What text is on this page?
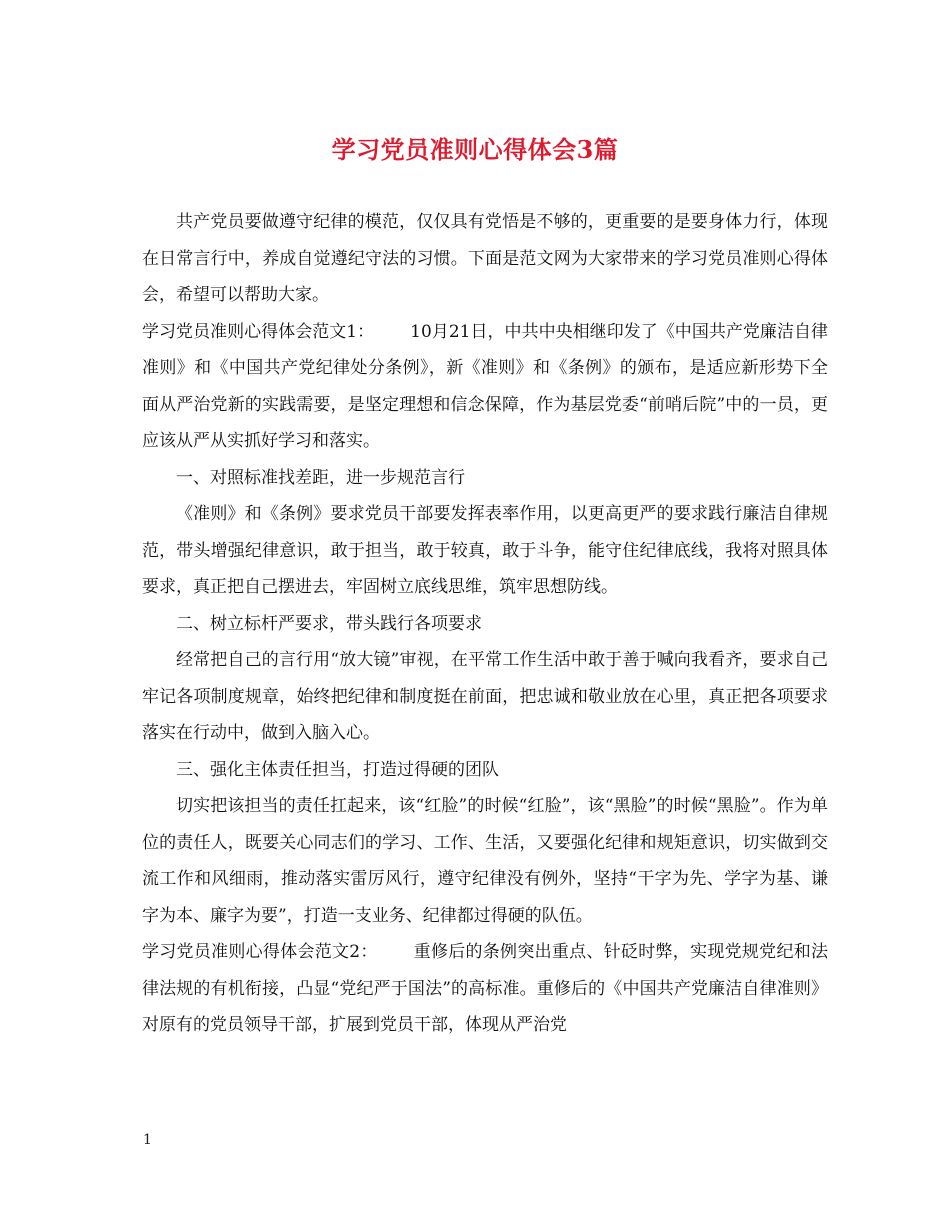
学习党员准则心得体会3篇

共产党员要做遵守纪律的模范，仅仅具有党悟是不够的，更重要的是要身体力行，体现在日常言行中，养成自觉遵纪守法的习惯。下面是范文网为大家带来的学习党员准则心得体会，希望可以帮助大家。

学习党员准则心得体会范文1： 10月21日，中共中央相继印发了《中国共产党廉洁自律准则》和《中国共产党纪律处分条例》，新《准则》和《条例》的颁布，是适应新形势下全面从严治党新的实践需要，是坚定理想和信念保障，作为基层党委“前哨后院”中的一员，更应该从严从实抓好学习和落实。

一、对照标准找差距，进一步规范言行

《准则》和《条例》要求党员干部要发挥表率作用，以更高更严的要求践行廉洁自律规范，带头增强纪律意识，敢于担当，敢于较真，敢于斗争，能守住纪律底线，我将对照具体要求，真正把自己摆进去，牢固树立底线思维，筑牢思想防线。

二、树立标杆严要求，带头践行各项要求

经常把自己的言行用“放大镜”审视，在平常工作生活中敢于善于喊向我看齐，要求自己牢记各项制度规章，始终把纪律和制度挺在前面，把忠诚和敬业放在心里，真正把各项要求落实在行动中，做到入脑入心。

三、强化主体责任担当，打造过得硬的团队

切实把该担当的责任扛起来，该“红脸”的时候“红脸”，该“黑脸”的时候“黑脸”。作为单位的责任人，既要关心同志们的学习、工作、生活，又要强化纪律和规矩意识，切实做到交流工作和风细雨，推动落实雷厉风行，遵守纪律没有例外，坚持“干字为先、学字为基、谦字为本、廉字为要”，打造一支业务、纪律都过得硬的队伍。

学习党员准则心得体会范文2： 重修后的条例突出重点、针砭时弊，实现党规党纪和法律法规的有机衔接，凸显“党纪严于国法”的高标准。重修后的《中国共产党廉洁自律准则》对原有的党员领导干部，扩展到党员干部，体现从严治党

1
